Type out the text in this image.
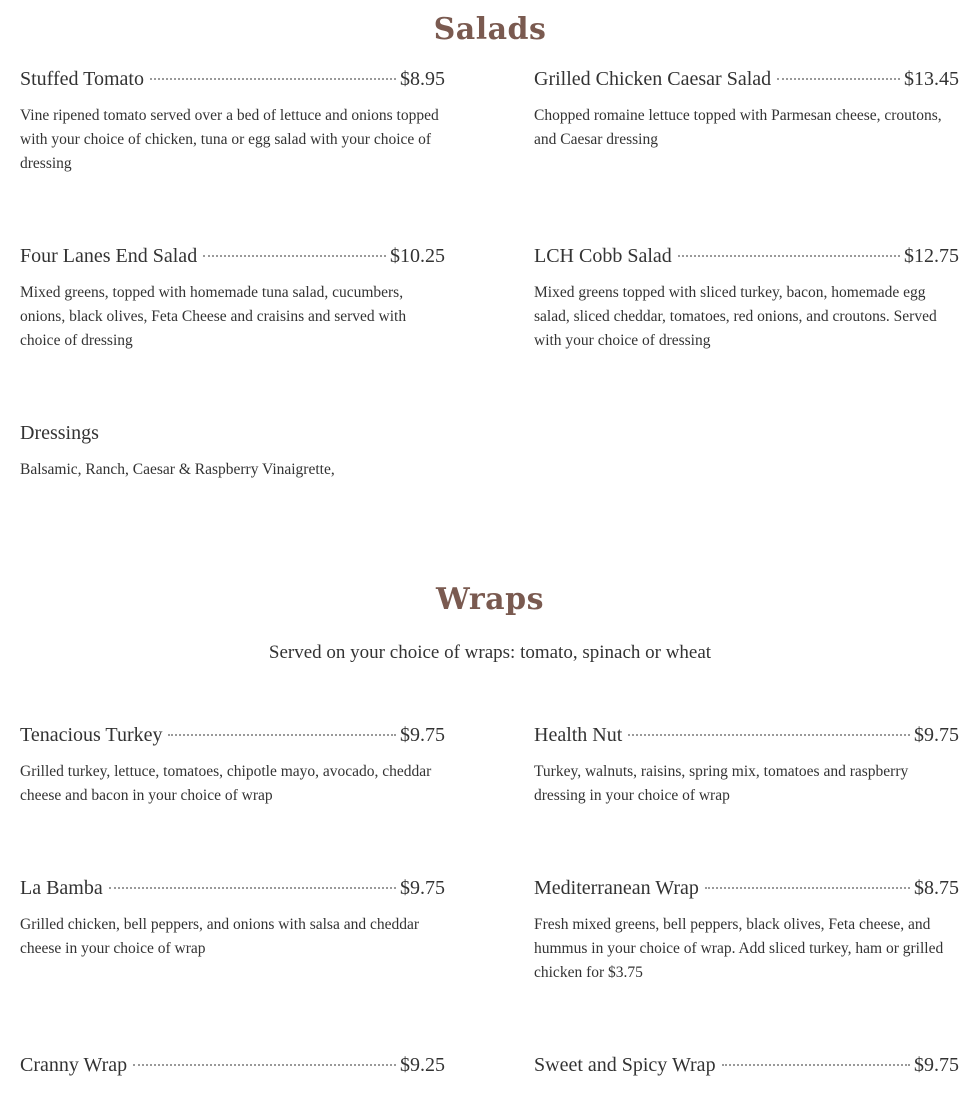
Salads
Stuffed Tomato	$8.95
Vine ripened tomato served over a bed of lettuce and onions topped with your choice of chicken, tuna or egg salad with your choice of dressing
Grilled Chicken Caesar Salad	$13.45
Chopped romaine lettuce topped with Parmesan cheese, croutons, and Caesar dressing
Four Lanes End Salad	$10.25
Mixed greens, topped with homemade tuna salad, cucumbers, onions, black olives, Feta Cheese and craisins and served with choice of dressing
LCH Cobb Salad	$12.75
Mixed greens topped with sliced turkey, bacon, homemade egg salad, sliced cheddar, tomatoes, red onions, and croutons. Served with your choice of dressing
Dressings
Balsamic, Ranch, Caesar & Raspberry Vinaigrette,
Wraps
Served on your choice of wraps: tomato, spinach or wheat
Tenacious Turkey	$9.75
Grilled turkey, lettuce, tomatoes, chipotle mayo, avocado, cheddar cheese and bacon in your choice of wrap
Health Nut	$9.75
Turkey, walnuts, raisins, spring mix, tomatoes and raspberry dressing in your choice of wrap
La Bamba	$9.75
Grilled chicken, bell peppers, and onions with salsa and cheddar cheese in your choice of wrap
Mediterranean Wrap	$8.75
Fresh mixed greens, bell peppers, black olives, Feta cheese, and hummus in your choice of wrap. Add sliced turkey, ham or grilled chicken for $3.75
Cranny Wrap	$9.25	Sweet and Spicy Wrap	$9.75
